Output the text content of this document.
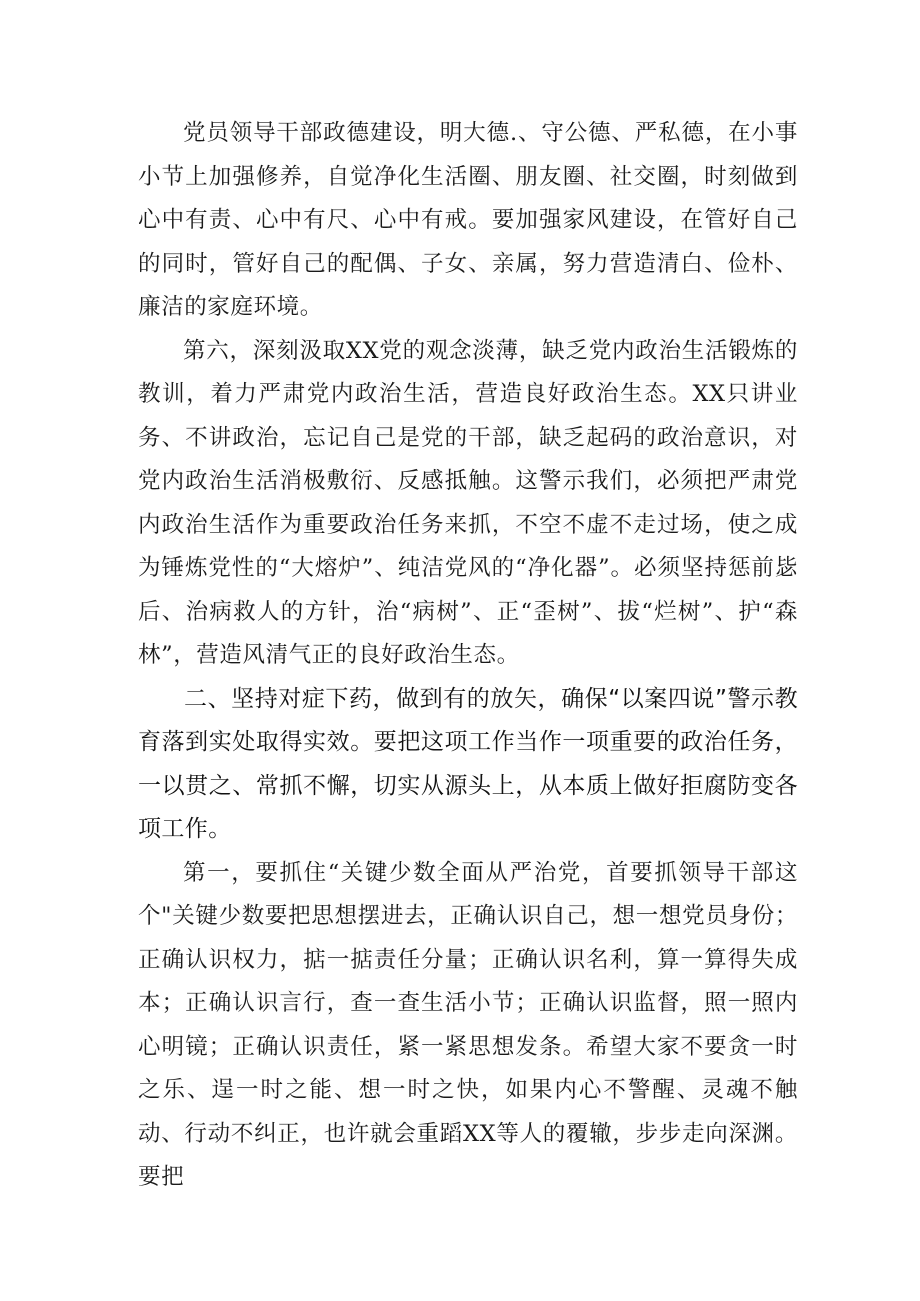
党员领导干部政德建设，明大德.、守公德、严私德，在小事小节上加强修养，自觉净化生活圈、朋友圈、社交圈，时刻做到心中有责、心中有尺、心中有戒。要加强家风建设，在管好自己的同时，管好自己的配偶、子女、亲属，努力营造清白、俭朴、廉洁的家庭环境。

第六，深刻汲取XX党的观念淡薄，缺乏党内政治生活锻炼的教训，着力严肃党内政治生活，营造良好政治生态。XX只讲业务、不讲政治，忘记自己是党的干部，缺乏起码的政治意识，对党内政治生活消极敷衍、反感抵触。这警示我们，必须把严肃党内政治生活作为重要政治任务来抓，不空不虚不走过场，使之成为锤炼党性的“大熔炉”、纯洁党风的“净化器”。必须坚持惩前毖后、治病救人的方针，治“病树”、正“歪树”、拔“烂树”、护“森林”，营造风清气正的良好政治生态。

二、坚持对症下药，做到有的放矢，确保“以案四说”警示教育落到实处取得实效。要把这项工作当作一项重要的政治任务，一以贯之、常抓不懈，切实从源头上，从本质上做好拒腐防变各项工作。

第一，要抓住“关键少数全面从严治党，首要抓领导干部这个"关键少数要把思想摆进去，正确认识自己，想一想党员身份；正确认识权力，掂一掂责任分量；正确认识名利，算一算得失成本；正确认识言行，查一查生活小节；正确认识监督，照一照内心明镜；正确认识责任，紧一紧思想发条。希望大家不要贪一时之乐、逞一时之能、想一时之快，如果内心不警醒、灵魂不触动、行动不纠正，也许就会重蹈XX等人的覆辙，步步走向深渊。要把
